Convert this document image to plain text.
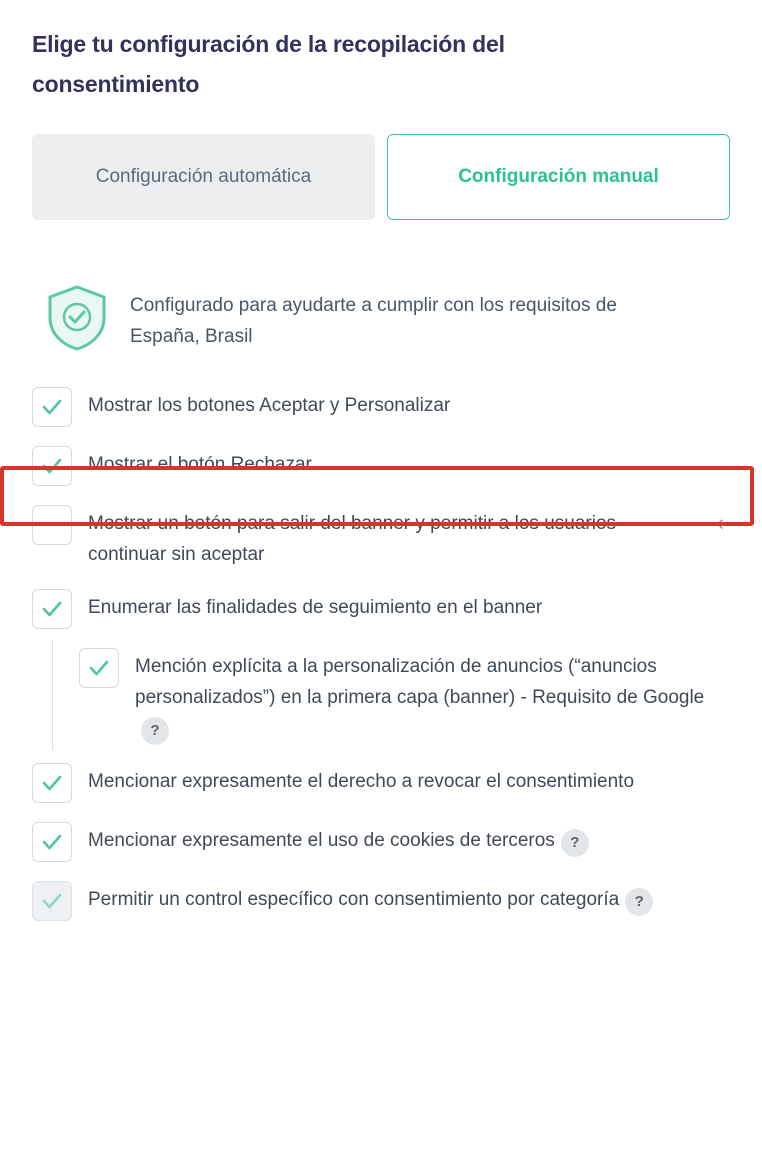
Elige tu configuración de la recopilación del consentimiento
Configuración automática	Configuración manual
Configurado para ayudarte a cumplir con los requisitos de España, Brasil
Mostrar los botones Aceptar y Personalizar
Mostrar el botón Rechazar
Mostrar un botón para salir del banner y permitir a los usuarios continuar sin aceptar
‹
Enumerar las finalidades de seguimiento en el banner
Mención explícita a la personalización de anuncios (“anuncios personalizados”) en la primera capa (banner) - Requisito de Google?
Mencionar expresamente el derecho a revocar el consentimiento
Mencionar expresamente el uso de cookies de terceros ?
Permitir un control específico con consentimiento por categoría ?
